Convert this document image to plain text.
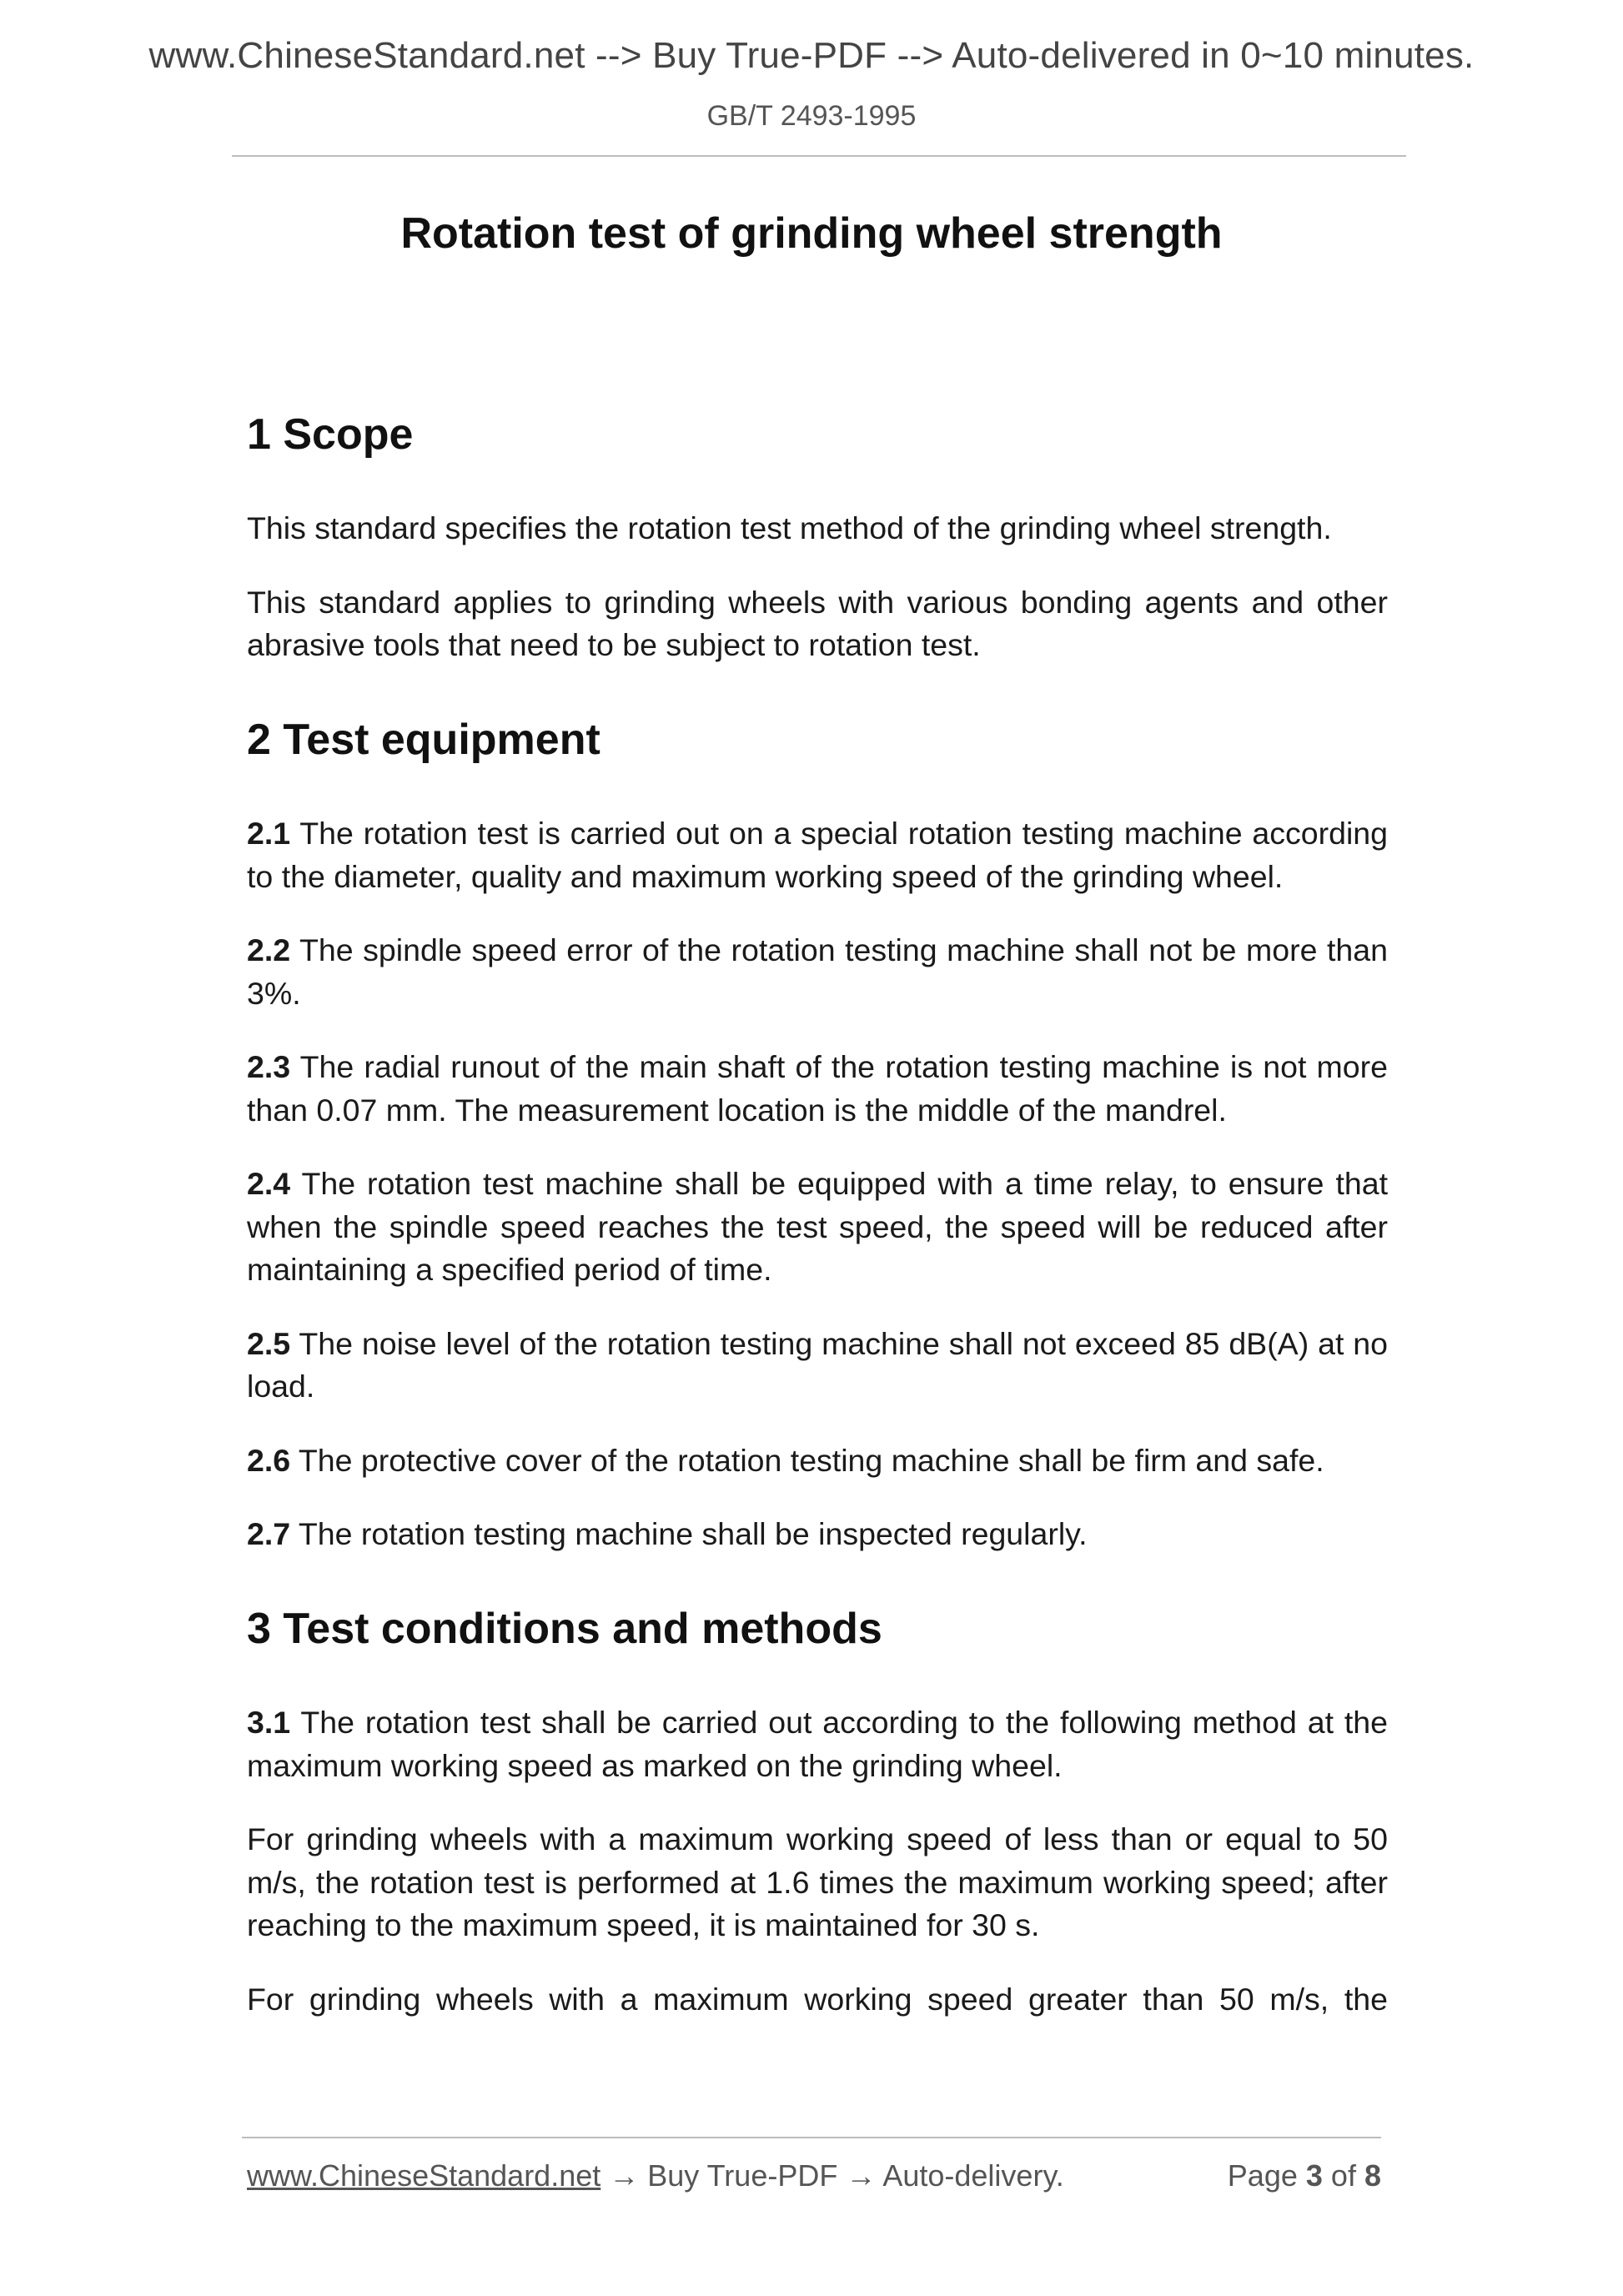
www.ChineseStandard.net --> Buy True-PDF --> Auto-delivered in 0~10 minutes.
GB/T 2493-1995
Rotation test of grinding wheel strength
1 Scope

This standard specifies the rotation test method of the grinding wheel strength.

This standard applies to grinding wheels with various bonding agents and other abrasive tools that need to be subject to rotation test.

2 Test equipment

2.1 The rotation test is carried out on a special rotation testing machine according to the diameter, quality and maximum working speed of the grinding wheel.

2.2 The spindle speed error of the rotation testing machine shall not be more than 3%.

2.3 The radial runout of the main shaft of the rotation testing machine is not more than 0.07 mm. The measurement location is the middle of the mandrel.

2.4 The rotation test machine shall be equipped with a time relay, to ensure that when the spindle speed reaches the test speed, the speed will be reduced after maintaining a specified period of time.

2.5 The noise level of the rotation testing machine shall not exceed 85 dB(A) at no load.

2.6 The protective cover of the rotation testing machine shall be firm and safe.

2.7 The rotation testing machine shall be inspected regularly.

3 Test conditions and methods

3.1 The rotation test shall be carried out according to the following method at the maximum working speed as marked on the grinding wheel.

For grinding wheels with a maximum working speed of less than or equal to 50 m/s, the rotation test is performed at 1.6 times the maximum working speed; after reaching to the maximum speed, it is maintained for 30 s.

For grinding wheels with a maximum working speed greater than 50 m/s, the

www.ChineseStandard.net → Buy True-PDF → Auto-delivery.	Page 3 of 8
